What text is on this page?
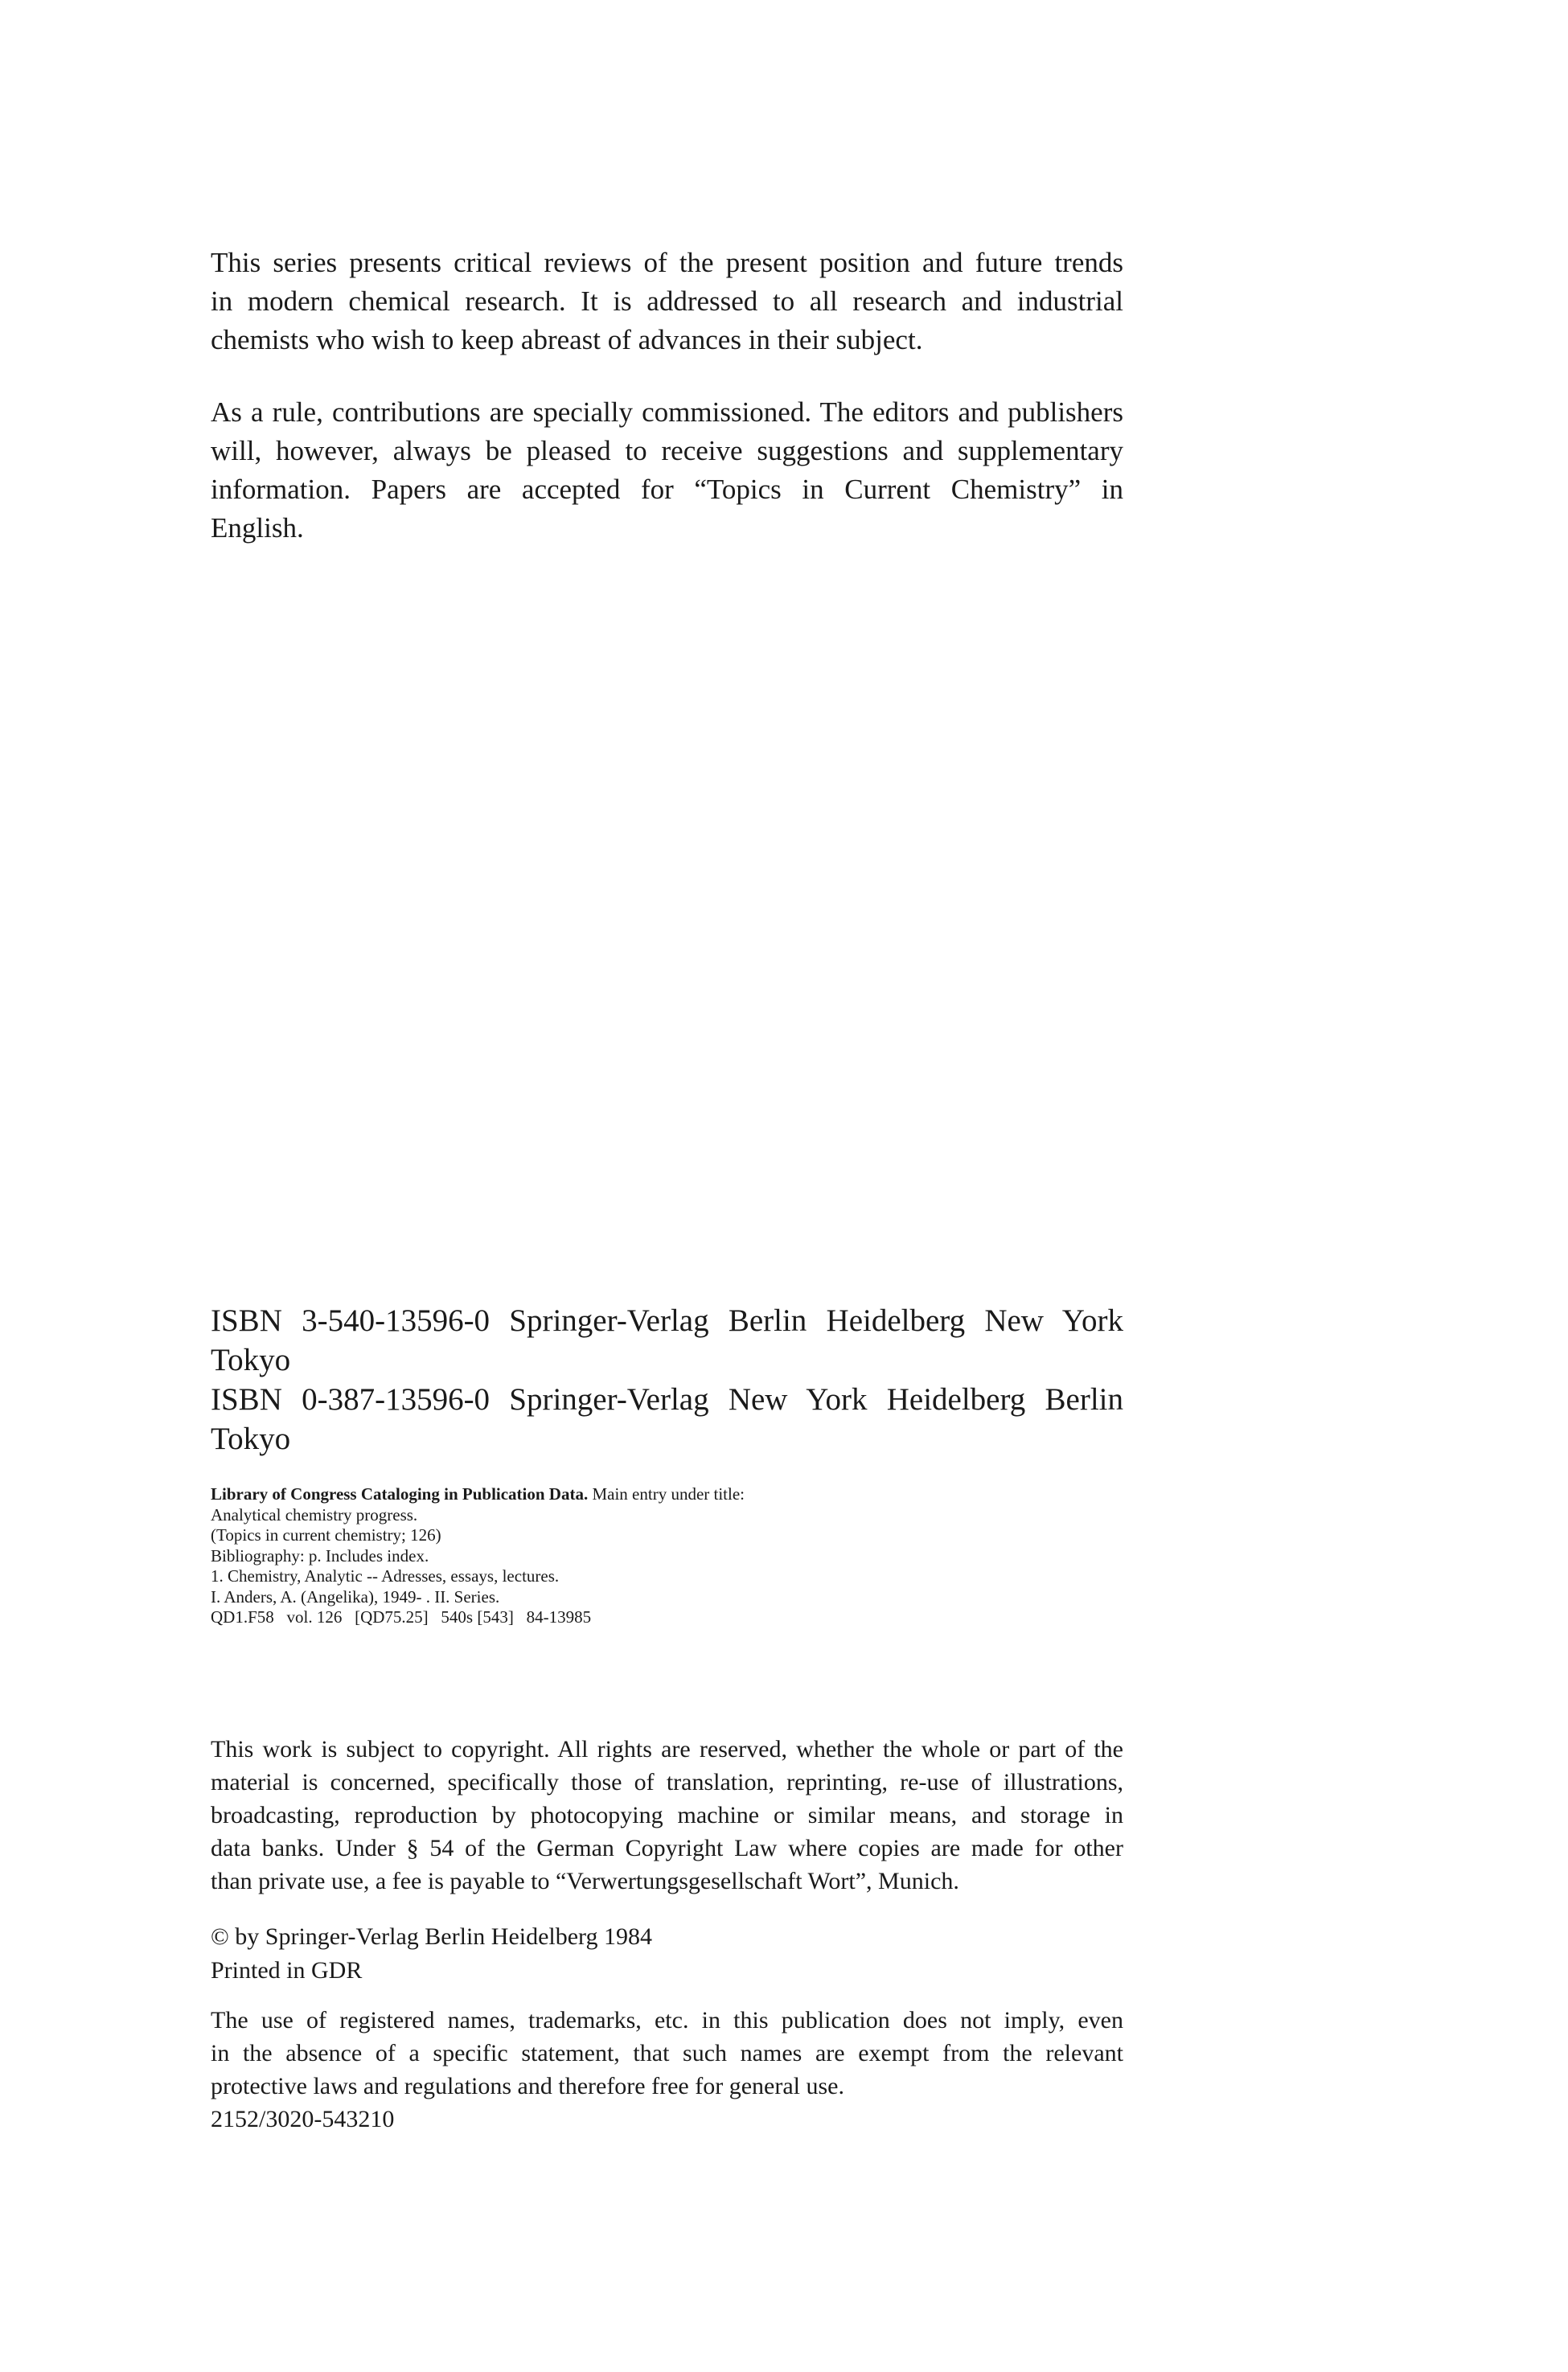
This series presents critical reviews of the present position and future trends
in modern chemical research. It is addressed to all research and industrial
chemists who wish to keep abreast of advances in their subject.

As a rule, contributions are specially commissioned. The editors and publishers
will, however, always be pleased to receive suggestions and supplementary
information. Papers are accepted for “Topics in Current Chemistry” in
English.

ISBN 3-540-13596-0 Springer-Verlag Berlin Heidelberg New York Tokyo
ISBN 0-387-13596-0 Springer-Verlag New York Heidelberg Berlin Tokyo
Library of Congress Cataloging in Publication Data. Main entry under title:
Analytical chemistry progress.
(Topics in current chemistry; 126)
Bibliography: p. Includes index.
1. Chemistry, Analytic -- Adresses, essays, lectures.
I. Anders, A. (Angelika), 1949- . II. Series.
QD1.F58   vol. 126   [QD75.25]   540s [543]   84-13985
This work is subject to copyright. All rights are reserved, whether the whole or part of the
material is concerned, specifically those of translation, reprinting, re-use of illustrations,
broadcasting, reproduction by photocopying machine or similar means, and storage in
data banks. Under § 54 of the German Copyright Law where copies are made for other
than private use, a fee is payable to “Verwertungsgesellschaft Wort”, Munich.
© by Springer-Verlag Berlin Heidelberg 1984
Printed in GDR
The use of registered names, trademarks, etc. in this publication does not imply, even
in the absence of a specific statement, that such names are exempt from the relevant
protective laws and regulations and therefore free for general use.
2152/3020-543210
